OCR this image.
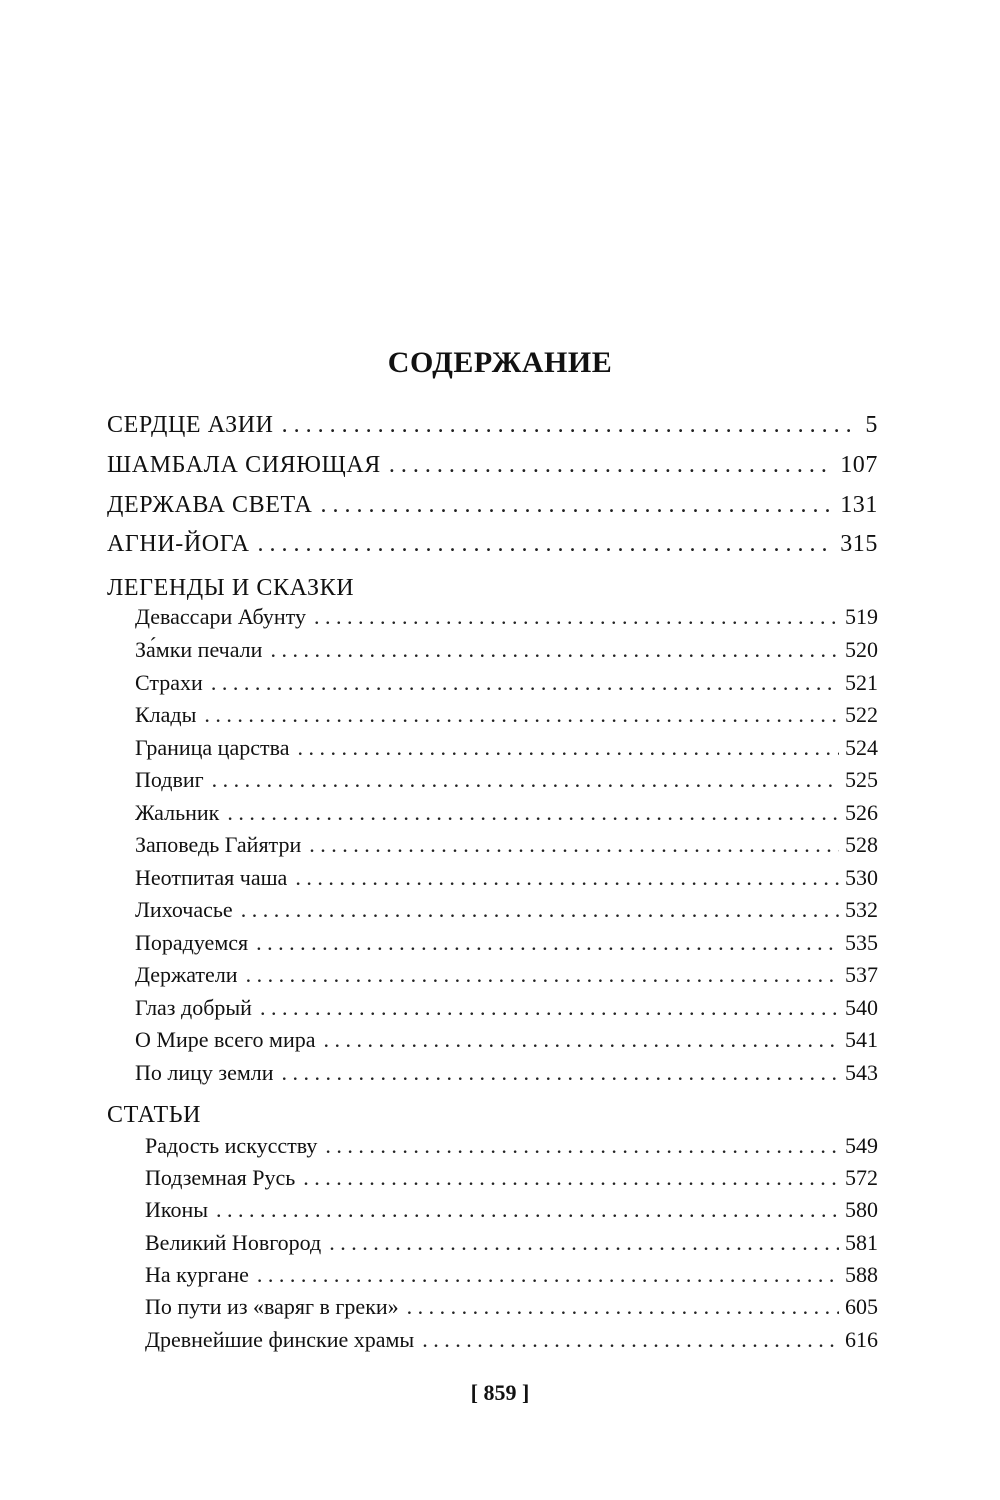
СОДЕРЖАНИЕ
СЕРДЦЕ АЗИИ . . .	5
ШАМБАЛА СИЯЮЩАЯ . . .	107
ДЕРЖАВА СВЕТА . . .	131
АГНИ-ЙОГА . . .	315
ЛЕГЕНДЫ И СКАЗКИ
Девассари Абунту . . .	519
За́мки печали . . .	520
Страхи . . .	521
Клады . . .	522
Граница царства . . .	524
Подвиг . . .	525
Жальник . . .	526
Заповедь Гайятри . . .	528
Неотпитая чаша . . .	530
Лихочасье . . .	532
Порадуемся . . .	535
Держатели . . .	537
Глаз добрый . . .	540
О Мире всего мира . . .	541
По лицу земли . . .	543
СТАТЬИ
Радость искусству . . .	549
Подземная Русь . . .	572
Иконы . . .	580
Великий Новгород . . .	581
На кургане . . .	588
По пути из «варяг в греки» . . .	605
Древнейшие финские храмы . . .	616
[ 859 ]
